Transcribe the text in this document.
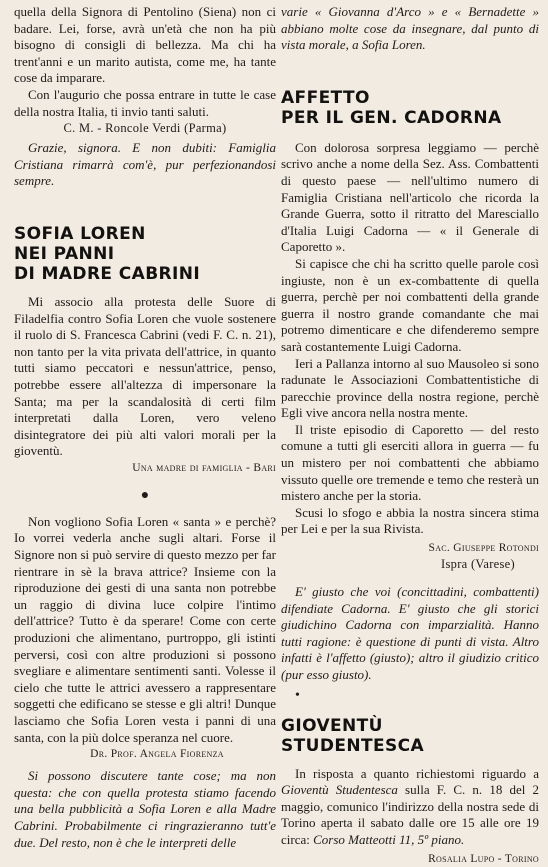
quella della Signora di Pentolino (Siena) non ci badare. Lei, forse, avrà un'età che non ha più bisogno di consigli di bellezza. Ma chi ha trent'anni e un marito autista, come me, ha tante cose da imparare.

Con l'augurio che possa entrare in tutte le case della nostra Italia, ti invio tanti saluti.

C. M. - Roncole Verdi (Parma)

Grazie, signora. E non dubiti: Famiglia Cristiana rimarrà com'è, pur perfezionandosi sempre.

SOFIA LOREN
NEI PANNI
DI MADRE CABRINI

Mi associo alla protesta delle Suore di Filadelfia contro Sofia Loren che vuole sostenere il ruolo di S. Francesca Cabrini (vedi F. C. n. 21), non tanto per la vita privata dell'attrice, in quanto tutti siamo peccatori e nessun'attrice, penso, potrebbe essere all'altezza di impersonare la Santa; ma per la scandalosità di certi film interpretati dalla Loren, vero veleno disintegratore dei più alti valori morali per la gioventù.

Una madre di famiglia - Bari

●

Non vogliono Sofia Loren « santa » e perchè? Io vorrei vederla anche sugli altari. Forse il Signore non si può servire di questo mezzo per far rientrare in sè la brava attrice? Insieme con la riproduzione dei gesti di una santa non potrebbe un raggio di divina luce colpire l'intimo dell'attrice? Tutto è da sperare! Come con certe produzioni che alimentano, purtroppo, gli istinti perversi, così con altre produzioni si possono svegliare e alimentare sentimenti santi. Volesse il cielo che tutte le attrici avessero a rappresentare soggetti che edificano se stesse e gli altri! Dunque lasciamo che Sofia Loren vesta i panni di una santa, con la più dolce speranza nel cuore.

Dr. Prof. Angela Fiorenza

Si possono discutere tante cose; ma non questa: che con quella protesta stiamo facendo una bella pubblicità a Sofia Loren e alla Madre Cabrini. Probabilmente ci ringrazieranno tutt'e due. Del resto, non è che le interpreti delle

varie « Giovanna d'Arco » e « Bernadette » abbiano molte cose da insegnare, dal punto di vista morale, a Sofia Loren.

AFFETTO
PER IL GEN. CADORNA

Con dolorosa sorpresa leggiamo — perchè scrivo anche a nome della Sez. Ass. Combattenti di questo paese — nell'ultimo numero di Famiglia Cristiana nell'articolo che ricorda la Grande Guerra, sotto il ritratto del Maresciallo d'Italia Luigi Cadorna — « il Generale di Caporetto ».

Si capisce che chi ha scritto quelle parole così ingiuste, non è un ex-combattente di quella guerra, perchè per noi combattenti della grande guerra il nostro grande comandante che mai potremo dimenticare e che difenderemo sempre sarà costantemente Luigi Cadorna.

Ieri a Pallanza intorno al suo Mausoleo si sono radunate le Associazioni Combattentistiche di parecchie province della nostra regione, perchè Egli vive ancora nella nostra mente.

Il triste episodio di Caporetto — del resto comune a tutti gli eserciti allora in guerra — fu un mistero per noi combattenti che abbiamo vissuto quelle ore tremende e temo che resterà un mistero anche per la storia.

Scusi lo sfogo e abbia la nostra sincera stima per Lei e per la sua Rivista.

Sac. Giuseppe Rotondi

Ispra (Varese)

E' giusto che voi (concittadini, combattenti) difendiate Cadorna. E' giusto che gli storici giudichino Cadorna con imparzialità. Hanno tutti ragione: è questione di punti di vista. Altro infatti è l'affetto (giusto); altro il giudizio critico (pur esso giusto).

•
GIOVENTÙ
STUDENTESCA

In risposta a quanto richiestomi riguardo a Gioventù Studentesca sulla F. C. n. 18 del 2 maggio, comunico l'indirizzo della nostra sede di Torino aperta il sabato dalle ore 15 alle ore 19 circa: Corso Matteotti 11, 5º piano.

Rosalia Lupo - Torino
